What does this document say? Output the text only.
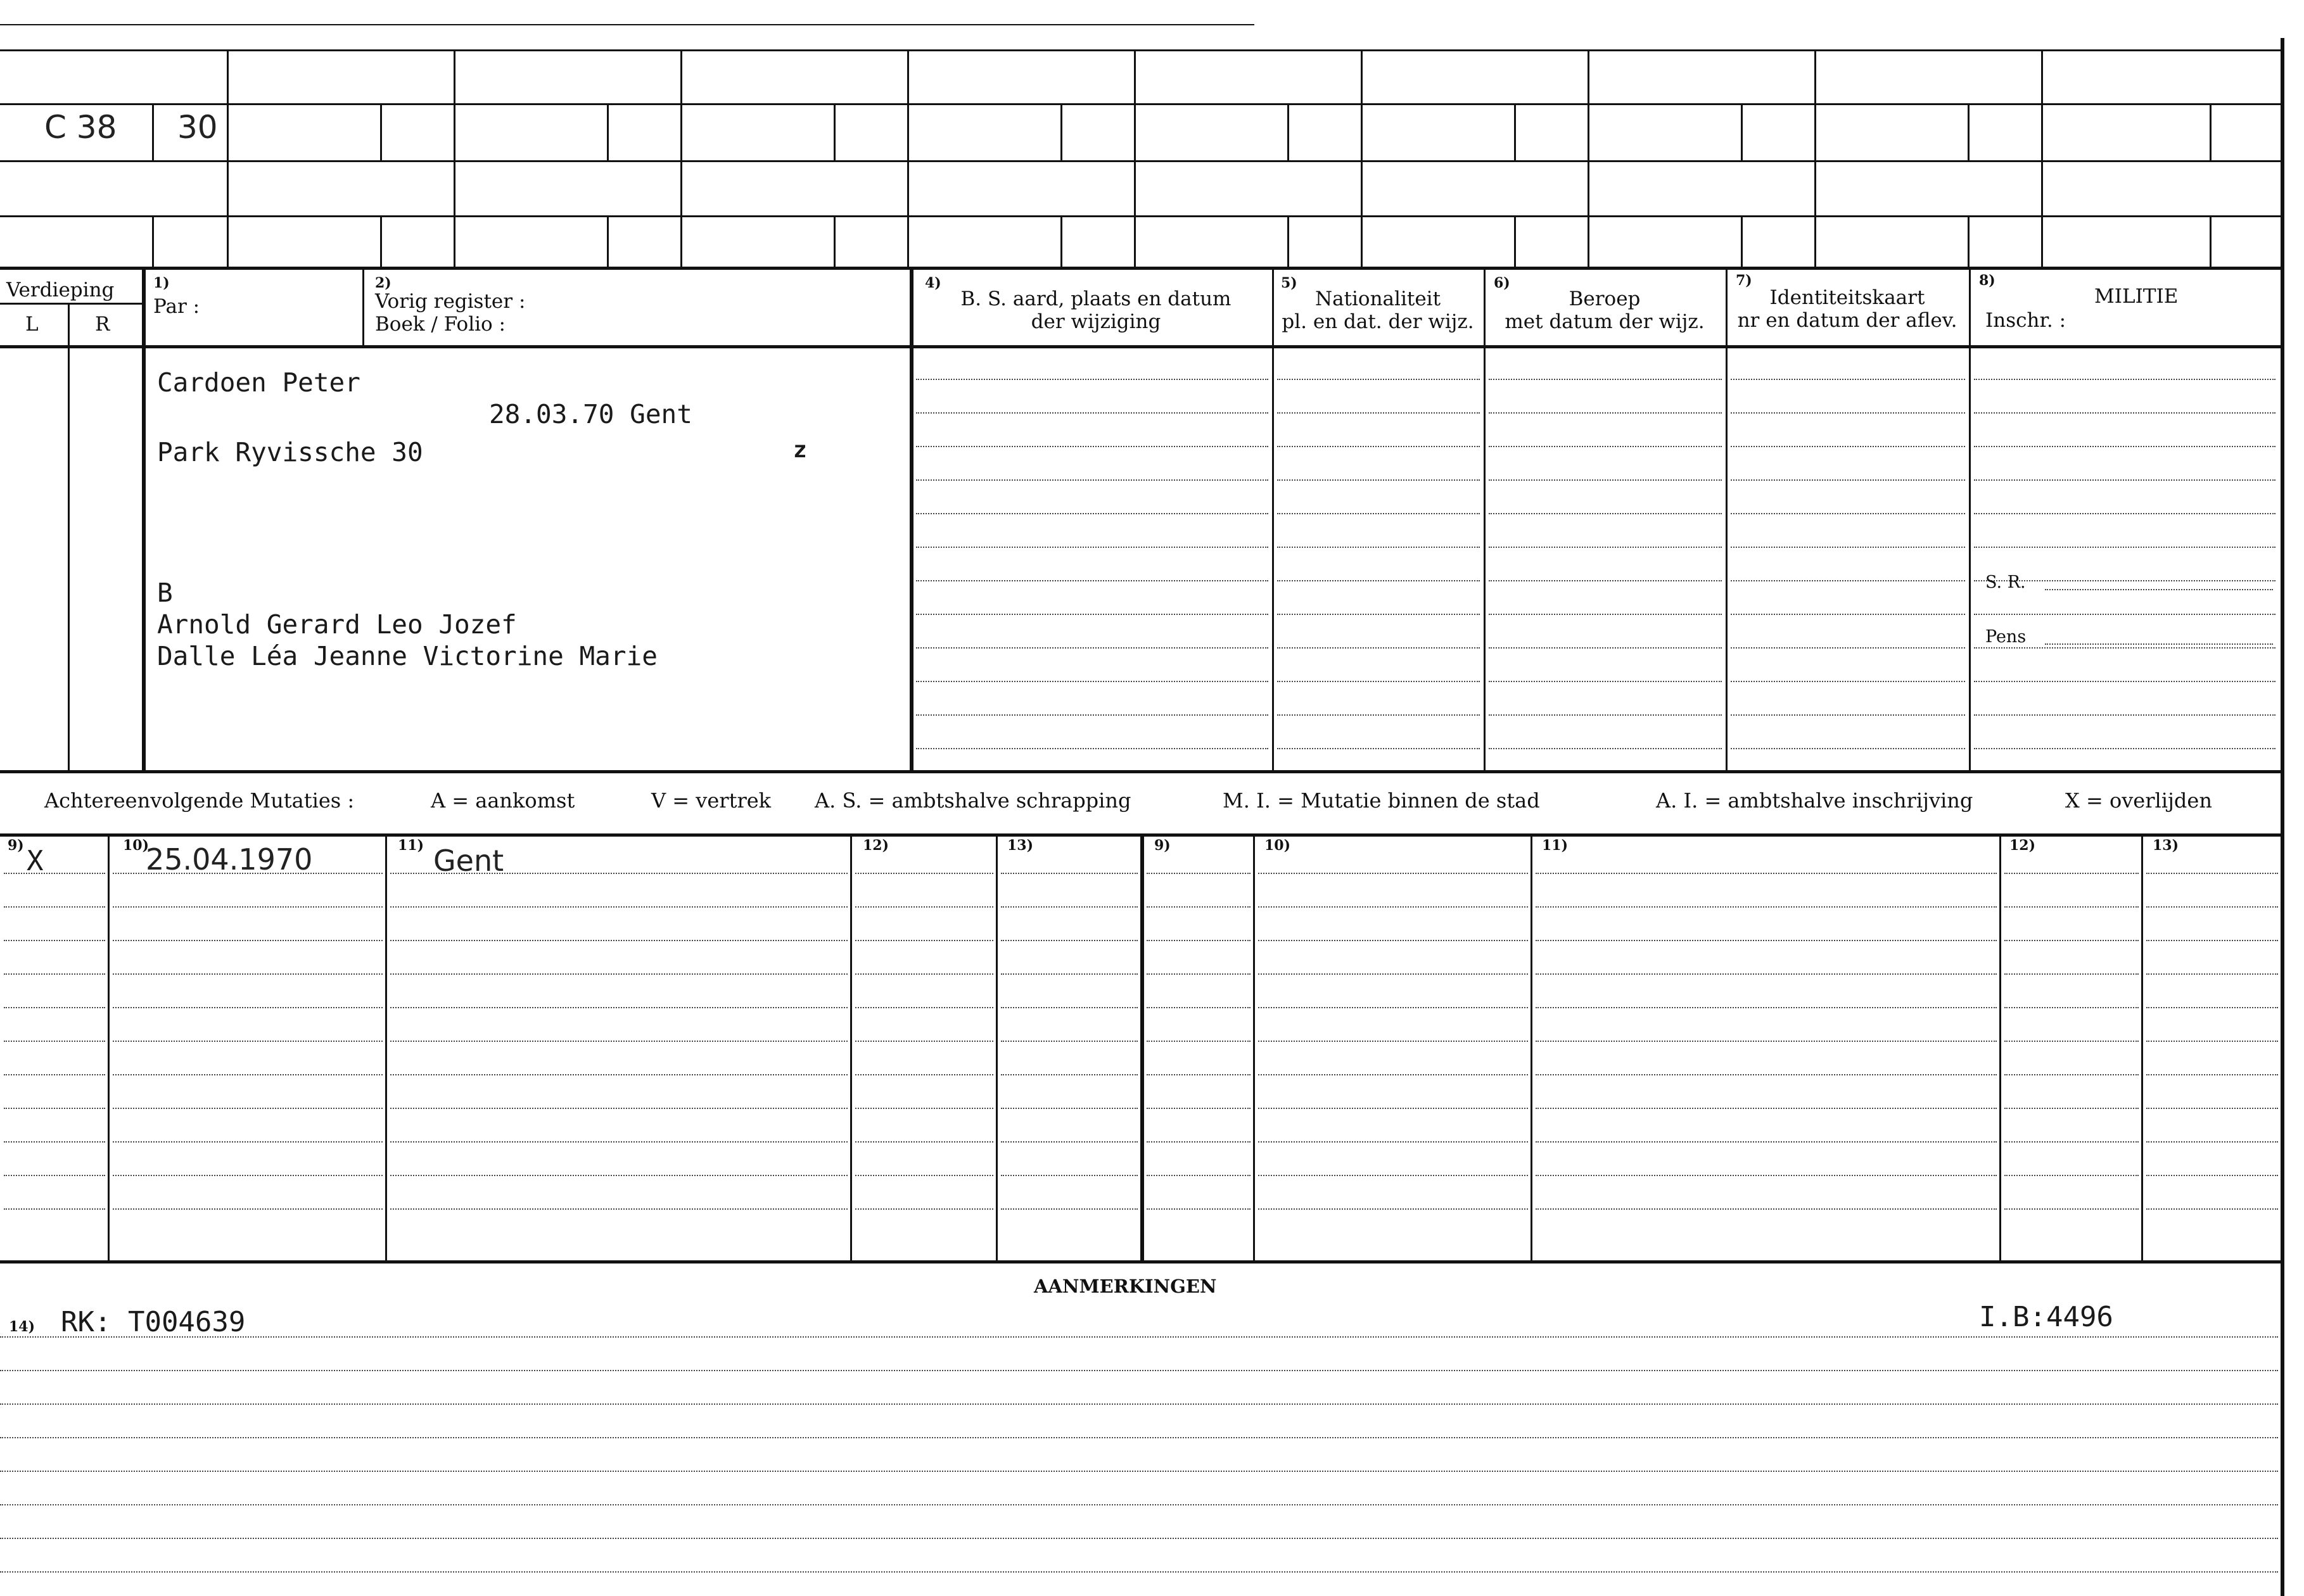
C 38 30
Verdieping
L	R
1)
Par :
2)
Vorig register :
Boek / Folio :
4)
B. S. aard, plaats en datum
der wijziging
5)
Nationaliteit
pl. en dat. der wijz.
6)
Beroep
met datum der wijz.
7)
Identiteitskaart
nr en datum der aflev.
8)
MILITIE
Inschr. :
S. R.
Pens
Cardoen Peter
28.03.70 Gent
Park Ryvissche 30	z
B
Arnold Gerard Leo Jozef
Dalle Léa Jeanne Victorine Marie
Achtereenvolgende Mutaties :	A = aankomst	V = vertrek A. S. = ambtshalve schrapping	M. I. = Mutatie binnen de stad	A. I. = ambtshalve inschrijving	X = overlijden
9)	10)	11)	12)	13)	9)	10)	11)	12)	13)
X	25.04.1970	Gent
AANMERKINGEN
14) RK: T004639	I.B:4496
